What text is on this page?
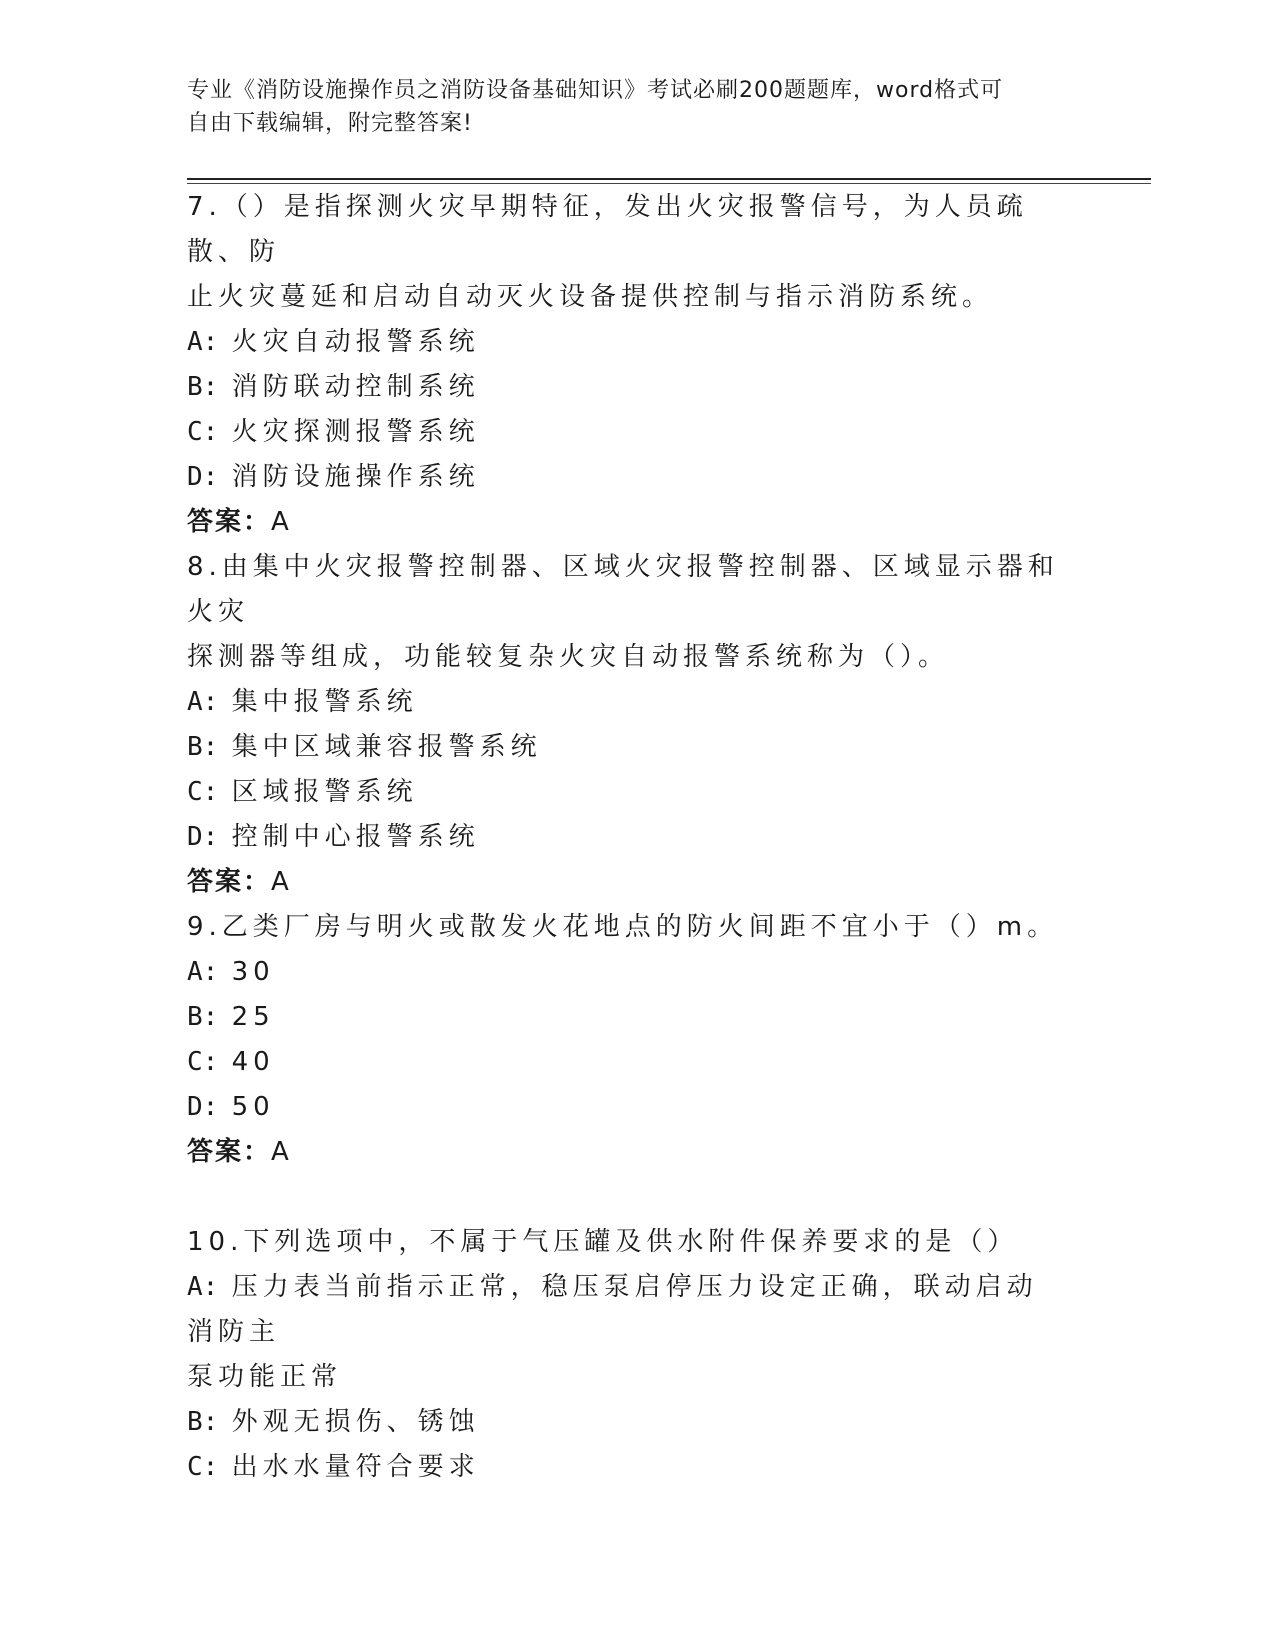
专业《消防设施操作员之消防设备基础知识》考试必刷200题题库，word格式可
自由下载编辑，附完整答案!

7.（）是指探测火灾早期特征，发出火灾报警信号，为人员疏散、防

止火灾蔓延和启动自动灭火设备提供控制与指示消防系统。

A: 火灾自动报警系统

B: 消防联动控制系统

C: 火灾探测报警系统

D: 消防设施操作系统

答案：A

8.由集中火灾报警控制器、区域火灾报警控制器、区域显示器和火灾

探测器等组成，功能较复杂火灾自动报警系统称为（）。

A: 集中报警系统

B: 集中区域兼容报警系统

C: 区域报警系统

D: 控制中心报警系统

答案：A

9.乙类厂房与明火或散发火花地点的防火间距不宜小于（）m。

A: 30

B: 25

C: 40

D: 50

答案：A

10.下列选项中，不属于气压罐及供水附件保养要求的是（）

A: 压力表当前指示正常，稳压泵启停压力设定正确，联动启动消防主

泵功能正常

B: 外观无损伤、锈蚀

C: 出水水量符合要求
